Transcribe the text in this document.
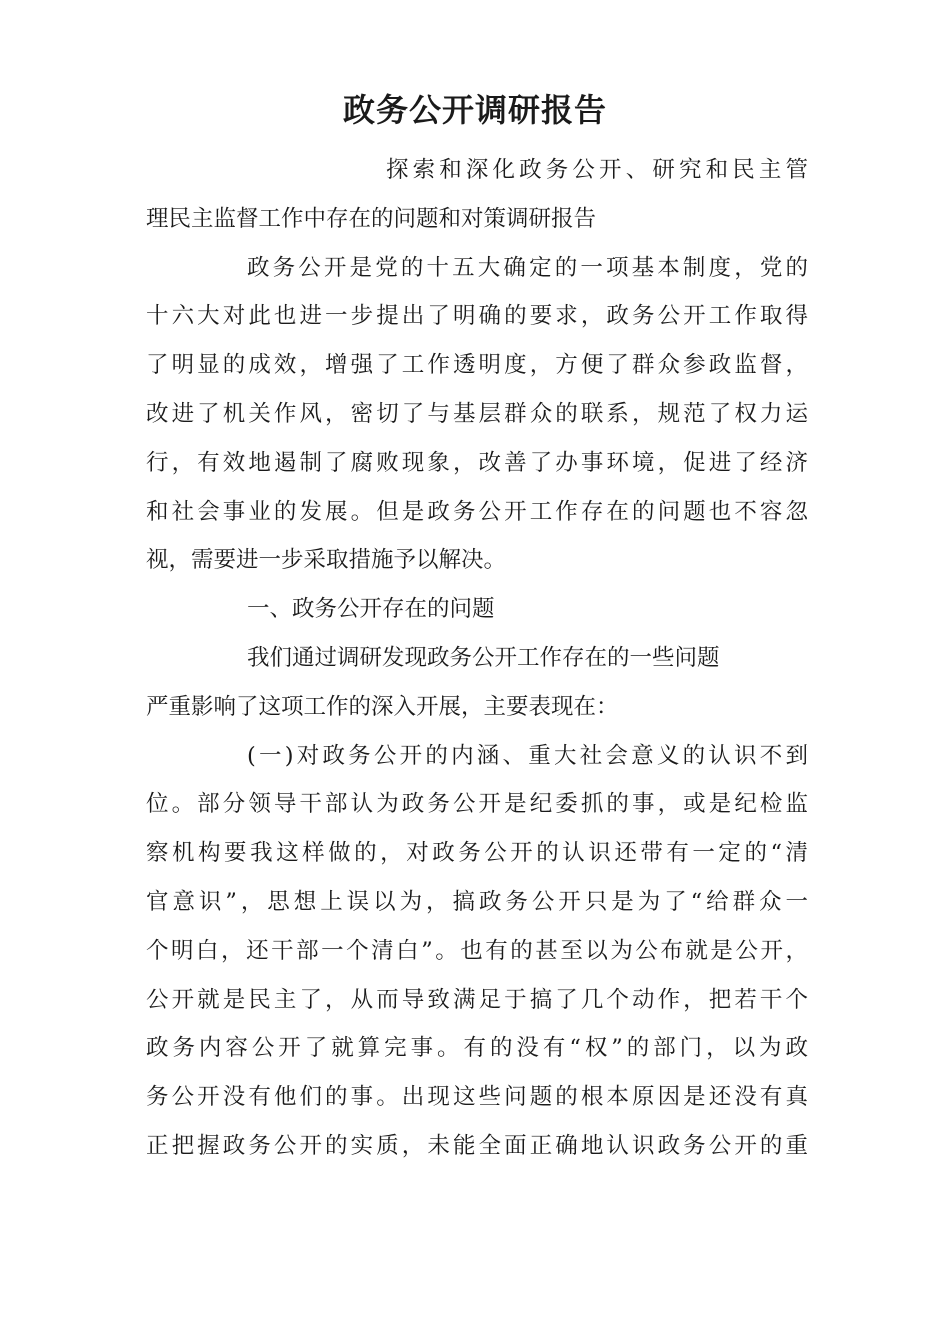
政务公开调研报告
探索和深化政务公开、研究和民主管
理民主监督工作中存在的问题和对策调研报告
政务公开是党的十五大确定的一项基本制度，党的
十六大对此也进一步提出了明确的要求，政务公开工作取得
了明显的成效，增强了工作透明度，方便了群众参政监督，
改进了机关作风，密切了与基层群众的联系，规范了权力运
行，有效地遏制了腐败现象，改善了办事环境，促进了经济
和社会事业的发展。但是政务公开工作存在的问题也不容忽
视，需要进一步采取措施予以解决。
一、政务公开存在的问题
我们通过调研发现政务公开工作存在的一些问题
严重影响了这项工作的深入开展，主要表现在：
(一)对政务公开的内涵、重大社会意义的认识不到
位。部分领导干部认为政务公开是纪委抓的事，或是纪检监
察机构要我这样做的，对政务公开的认识还带有一定的“清
官意识”，思想上误以为，搞政务公开只是为了“给群众一
个明白，还干部一个清白”。也有的甚至以为公布就是公开，
公开就是民主了，从而导致满足于搞了几个动作，把若干个
政务内容公开了就算完事。有的没有“权”的部门，以为政
务公开没有他们的事。出现这些问题的根本原因是还没有真
正把握政务公开的实质，未能全面正确地认识政务公开的重
